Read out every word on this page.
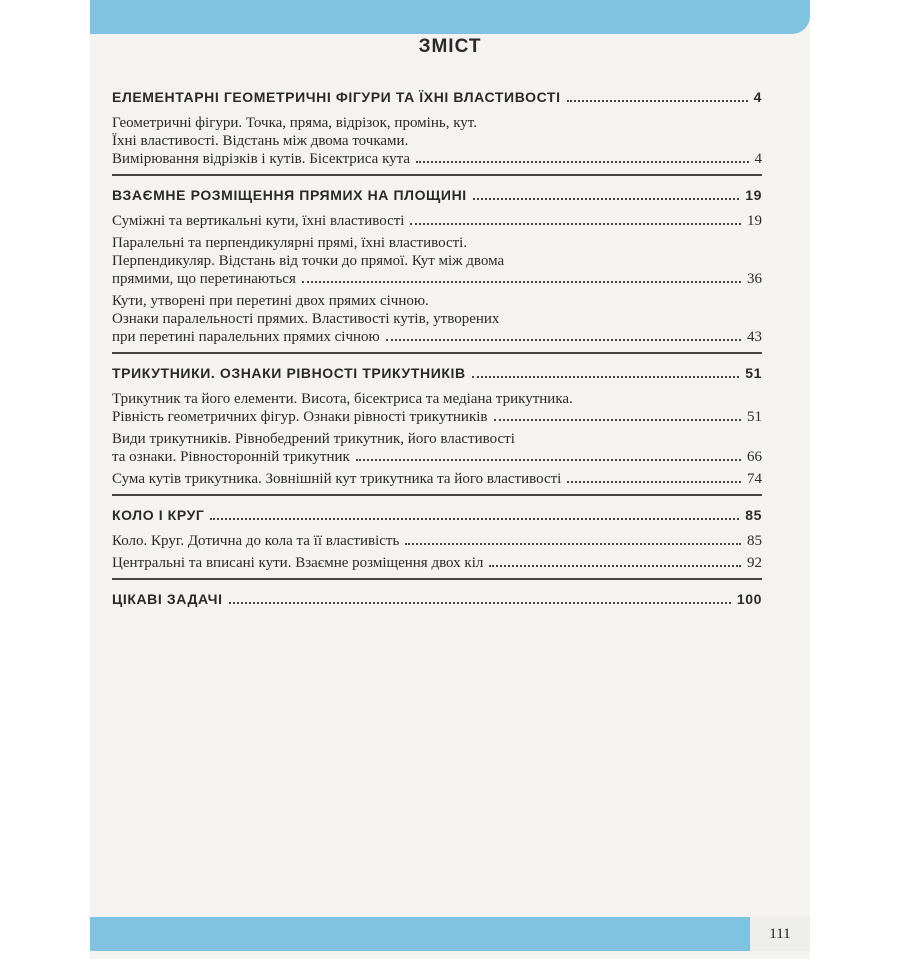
ЗМІСТ
ЕЛЕМЕНТАРНІ ГЕОМЕТРИЧНІ ФІГУРИ ТА ЇХНІ ВЛАСТИВОСТІ	4
Геометричні фігури. Точка, пряма, відрізок, промінь, кут.
Їхні властивості. Відстань між двома точками.
Вимірювання відрізків і кутів. Бісектриса кута	4
ВЗАЄМНЕ РОЗМІЩЕННЯ ПРЯМИХ НА ПЛОЩИНІ	19
Суміжні та вертикальні кути, їхні властивості	19
Паралельні та перпендикулярні прямі, їхні властивості.
Перпендикуляр. Відстань від точки до прямої. Кут між двома
прямими, що перетинаються	36
Кути, утворені при перетині двох прямих січною.
Ознаки паралельності прямих. Властивості кутів, утворених
при перетині паралельних прямих січною	43
ТРИКУТНИКИ. ОЗНАКИ РІВНОСТІ ТРИКУТНИКІВ	51
Трикутник та його елементи. Висота, бісектриса та медіана трикутника.
Рівність геометричних фігур. Ознаки рівності трикутників	51
Види трикутників. Рівнобедрений трикутник, його властивості
та ознаки. Рівносторонній трикутник	66
Сума кутів трикутника. Зовнішній кут трикутника та його властивості	74
КОЛО І КРУГ	85
Коло. Круг. Дотична до кола та її властивість	85
Центральні та вписані кути. Взаємне розміщення двох кіл	92
ЦІКАВІ ЗАДАЧІ	100
111
